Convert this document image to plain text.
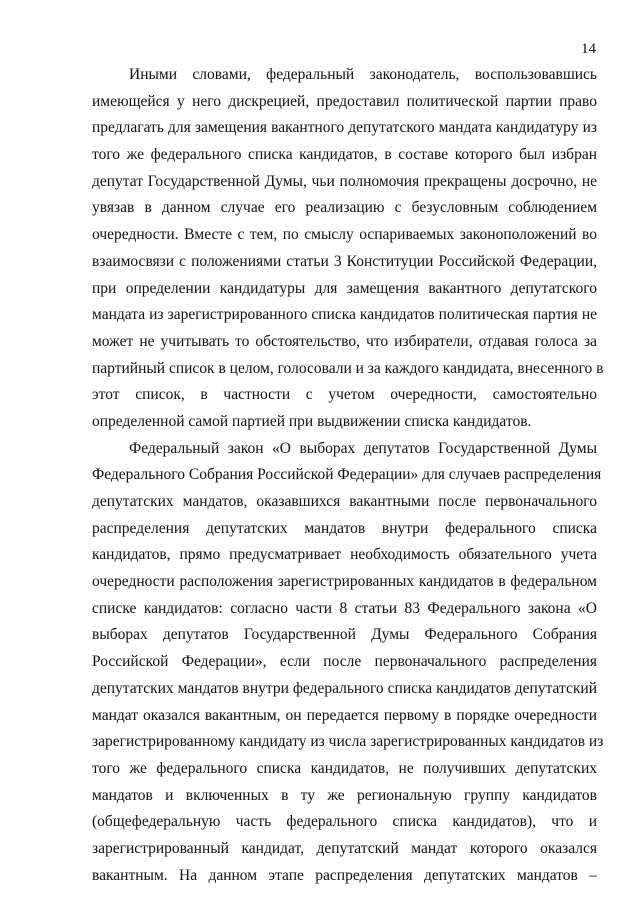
14
Иными словами, федеральный законодатель, воспользовавшись
имеющейся у него дискрецией, предоставил политической партии право
предлагать для замещения вакантного депутатского мандата кандидатуру из
того же федерального списка кандидатов, в составе которого был избран
депутат Государственной Думы, чьи полномочия прекращены досрочно, не
увязав в данном случае его реализацию с безусловным соблюдением
очередности. Вместе с тем, по смыслу оспариваемых законоположений во
взаимосвязи с положениями статьи 3 Конституции Российской Федерации,
при определении кандидатуры для замещения вакантного депутатского
мандата из зарегистрированного списка кандидатов политическая партия не
может не учитывать то обстоятельство, что избиратели, отдавая голоса за
партийный список в целом, голосовали и за каждого кандидата, внесенного в
этот список, в частности с учетом очередности, самостоятельно
определенной самой партией при выдвижении списка кандидатов.
Федеральный закон «О выборах депутатов Государственной Думы
Федерального Собрания Российской Федерации» для случаев распределения
депутатских мандатов, оказавшихся вакантными после первоначального
распределения депутатских мандатов внутри федерального списка
кандидатов, прямо предусматривает необходимость обязательного учета
очередности расположения зарегистрированных кандидатов в федеральном
списке кандидатов: согласно части 8 статьи 83 Федерального закона «О
выборах депутатов Государственной Думы Федерального Собрания
Российской Федерации», если после первоначального распределения
депутатских мандатов внутри федерального списка кандидатов депутатский
мандат оказался вакантным, он передается первому в порядке очередности
зарегистрированному кандидату из числа зарегистрированных кандидатов из
того же федерального списка кандидатов, не получивших депутатских
мандатов и включенных в ту же региональную группу кандидатов
(общефедеральную часть федерального списка кандидатов), что и
зарегистрированный кандидат, депутатский мандат которого оказался
вакантным. На данном этапе распределения депутатских мандатов –
